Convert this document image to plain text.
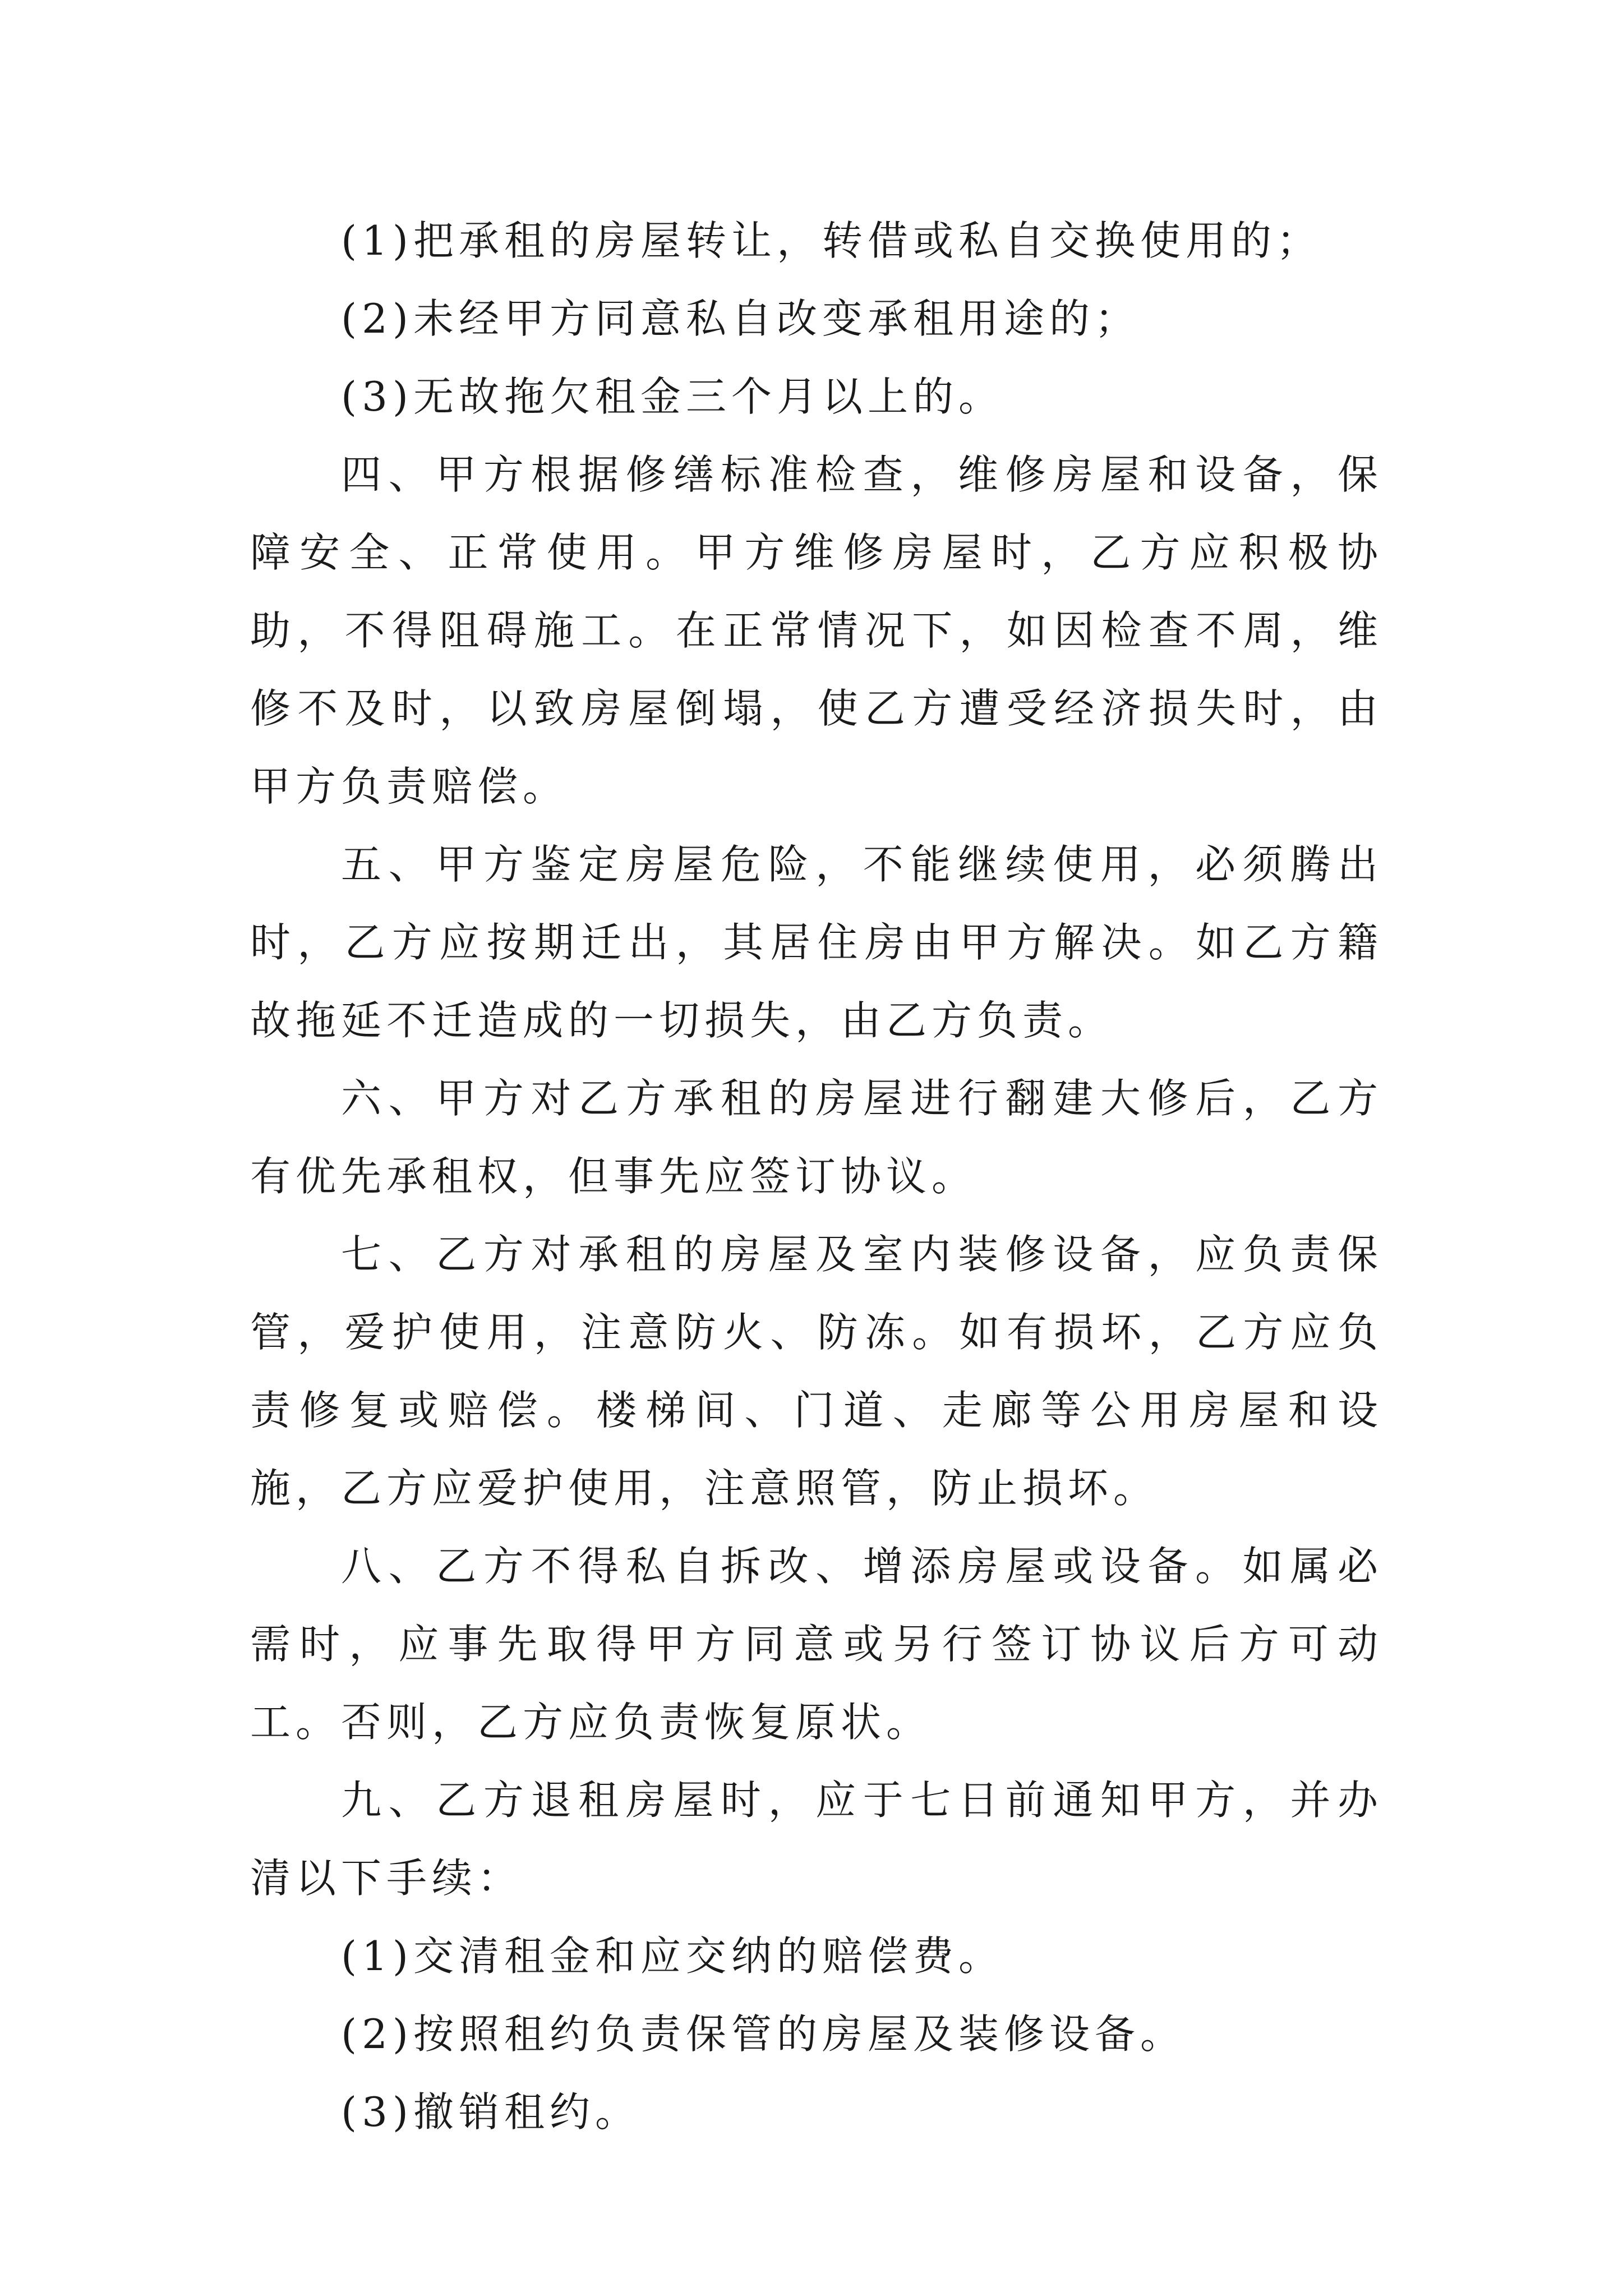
(1)把承租的房屋转让，转借或私自交换使用的；

(2)未经甲方同意私自改变承租用途的；

(3)无故拖欠租金三个月以上的。

四、甲方根据修缮标准检查，维修房屋和设备，保障安全、正常使用。甲方维修房屋时，乙方应积极协助，不得阻碍施工。在正常情况下，如因检查不周，维修不及时，以致房屋倒塌，使乙方遭受经济损失时，由甲方负责赔偿。

五、甲方鉴定房屋危险，不能继续使用，必须腾出时，乙方应按期迁出，其居住房由甲方解决。如乙方籍故拖延不迁造成的一切损失，由乙方负责。

六、甲方对乙方承租的房屋进行翻建大修后，乙方有优先承租权，但事先应签订协议。

七、乙方对承租的房屋及室内装修设备，应负责保管，爱护使用，注意防火、防冻。如有损坏，乙方应负责修复或赔偿。楼梯间、门道、走廊等公用房屋和设施，乙方应爱护使用，注意照管，防止损坏。

八、乙方不得私自拆改、增添房屋或设备。如属必需时，应事先取得甲方同意或另行签订协议后方可动工。否则，乙方应负责恢复原状。

九、乙方退租房屋时，应于七日前通知甲方，并办清以下手续：

(1)交清租金和应交纳的赔偿费。

(2)按照租约负责保管的房屋及装修设备。

(3)撤销租约。
